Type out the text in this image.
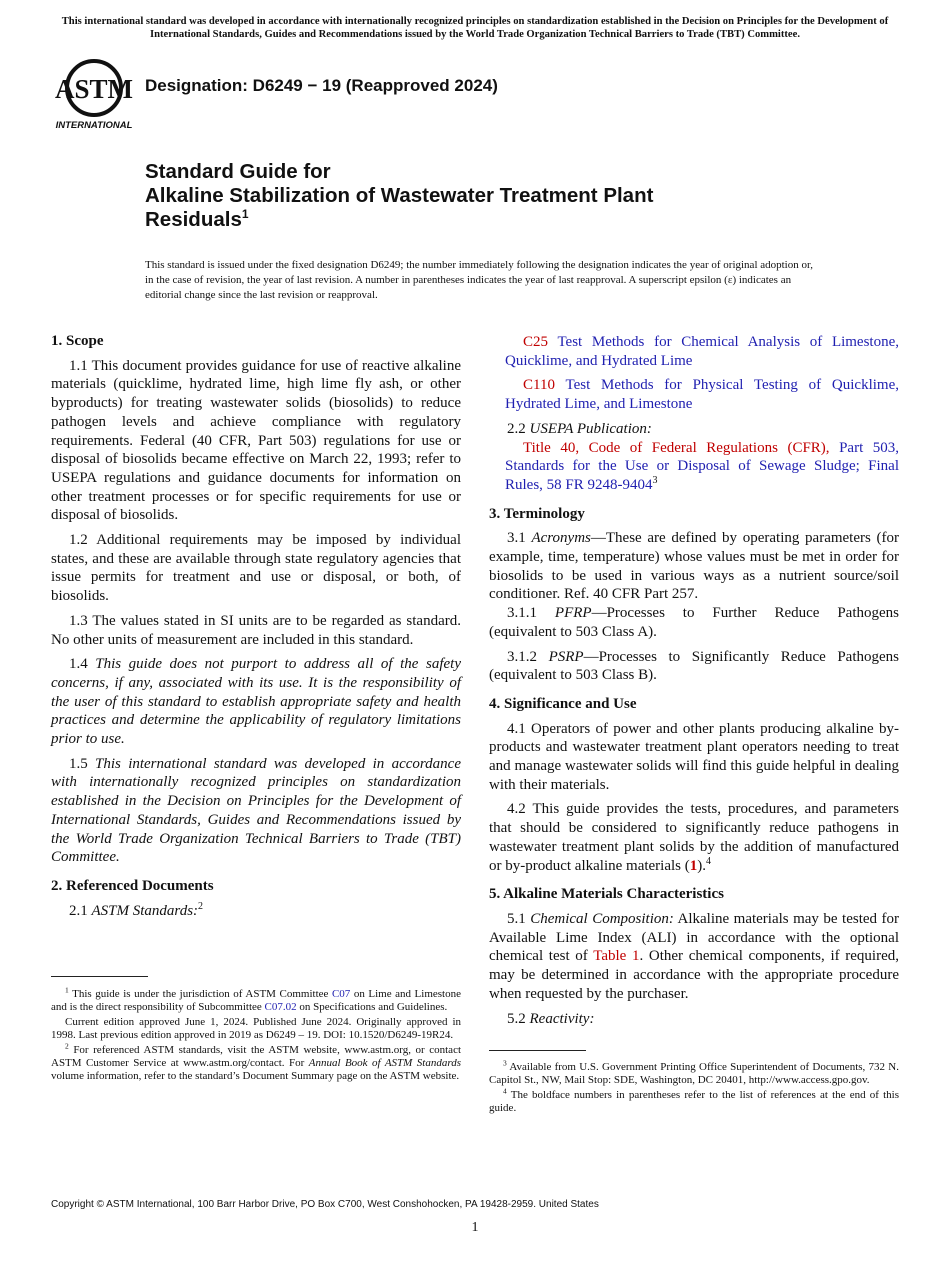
This international standard was developed in accordance with internationally recognized principles on standardization established in the Decision on Principles for the Development of International Standards, Guides and Recommendations issued by the World Trade Organization Technical Barriers to Trade (TBT) Committee.
ASTM
INTERNATIONAL
Designation: D6249 − 19 (Reapproved 2024)
Standard Guide for
Alkaline Stabilization of Wastewater Treatment Plant
Residuals$^1$
This standard is issued under the fixed designation D6249; the number immediately following the designation indicates the year of original adoption or, in the case of revision, the year of last revision. A number in parentheses indicates the year of last reapproval. A superscript epsilon (ε) indicates an editorial change since the last revision or reapproval.
1. Scope

1.1 This document provides guidance for use of reactive alkaline materials (quicklime, hydrated lime, high lime fly ash, or other byproducts) for treating wastewater solids (biosolids) to reduce pathogen levels and achieve compliance with regulatory requirements. Federal (40 CFR, Part 503) regulations for use or disposal of biosolids became effective on March 22, 1993; refer to USEPA regulations and guidance documents for information on other treatment processes or for specific requirements for use or disposal of biosolids.

1.2 Additional requirements may be imposed by individual states, and these are available through state regulatory agencies that issue permits for treatment and use or disposal, or both, of biosolids.

1.3 The values stated in SI units are to be regarded as standard. No other units of measurement are included in this standard.

1.4 This guide does not purport to address all of the safety concerns, if any, associated with its use. It is the responsibility of the user of this standard to establish appropriate safety and health practices and determine the applicability of regulatory limitations prior to use.

1.5 This international standard was developed in accordance with internationally recognized principles on standardization established in the Decision on Principles for the Development of International Standards, Guides and Recommendations issued by the World Trade Organization Technical Barriers to Trade (TBT) Committee.

2. Referenced Documents

2.1 ASTM Standards:$^2$

$^1$ This guide is under the jurisdiction of ASTM Committee C07 on Lime and Limestone and is the direct responsibility of Subcommittee C07.02 on Specifications and Guidelines.

Current edition approved June 1, 2024. Published June 2024. Originally approved in 1998. Last previous edition approved in 2019 as D6249 – 19. DOI: 10.1520/D6249-19R24.

$^2$ For referenced ASTM standards, visit the ASTM website, www.astm.org, or contact ASTM Customer Service at www.astm.org/contact. For Annual Book of ASTM Standards volume information, refer to the standard’s Document Summary page on the ASTM website.

C25 Test Methods for Chemical Analysis of Limestone, Quicklime, and Hydrated Lime

C110 Test Methods for Physical Testing of Quicklime, Hydrated Lime, and Limestone

2.2 USEPA Publication:

Title 40, Code of Federal Regulations (CFR), Part 503, Standards for the Use or Disposal of Sewage Sludge; Final Rules, 58 FR 9248-9404$^3$

3. Terminology

3.1 Acronyms—These are defined by operating parameters (for example, time, temperature) whose values must be met in order for biosolids to be used in various ways as a nutrient source/soil conditioner. Ref. 40 CFR Part 257.

3.1.1 PFRP—Processes to Further Reduce Pathogens (equivalent to 503 Class A).

3.1.2 PSRP—Processes to Significantly Reduce Pathogens (equivalent to 503 Class B).

4. Significance and Use

4.1 Operators of power and other plants producing alkaline by-products and wastewater treatment plant operators needing to treat and manage wastewater solids will find this guide helpful in dealing with their materials.

4.2 This guide provides the tests, procedures, and parameters that should be considered to significantly reduce pathogens in wastewater treatment plant solids by the addition of manufactured or by-product alkaline materials (1).$^4$

5. Alkaline Materials Characteristics

5.1 Chemical Composition: Alkaline materials may be tested for Available Lime Index (ALI) in accordance with the optional chemical test of Table 1. Other chemical components, if required, may be determined in accordance with the appropriate procedure when requested by the purchaser.

5.2 Reactivity:

$^3$ Available from U.S. Government Printing Office Superintendent of Documents, 732 N. Capitol St., NW, Mail Stop: SDE, Washington, DC 20401, http://www.access.gpo.gov.

$^4$ The boldface numbers in parentheses refer to the list of references at the end of this guide.

Copyright © ASTM International, 100 Barr Harbor Drive, PO Box C700, West Conshohocken, PA 19428-2959. United States
1
